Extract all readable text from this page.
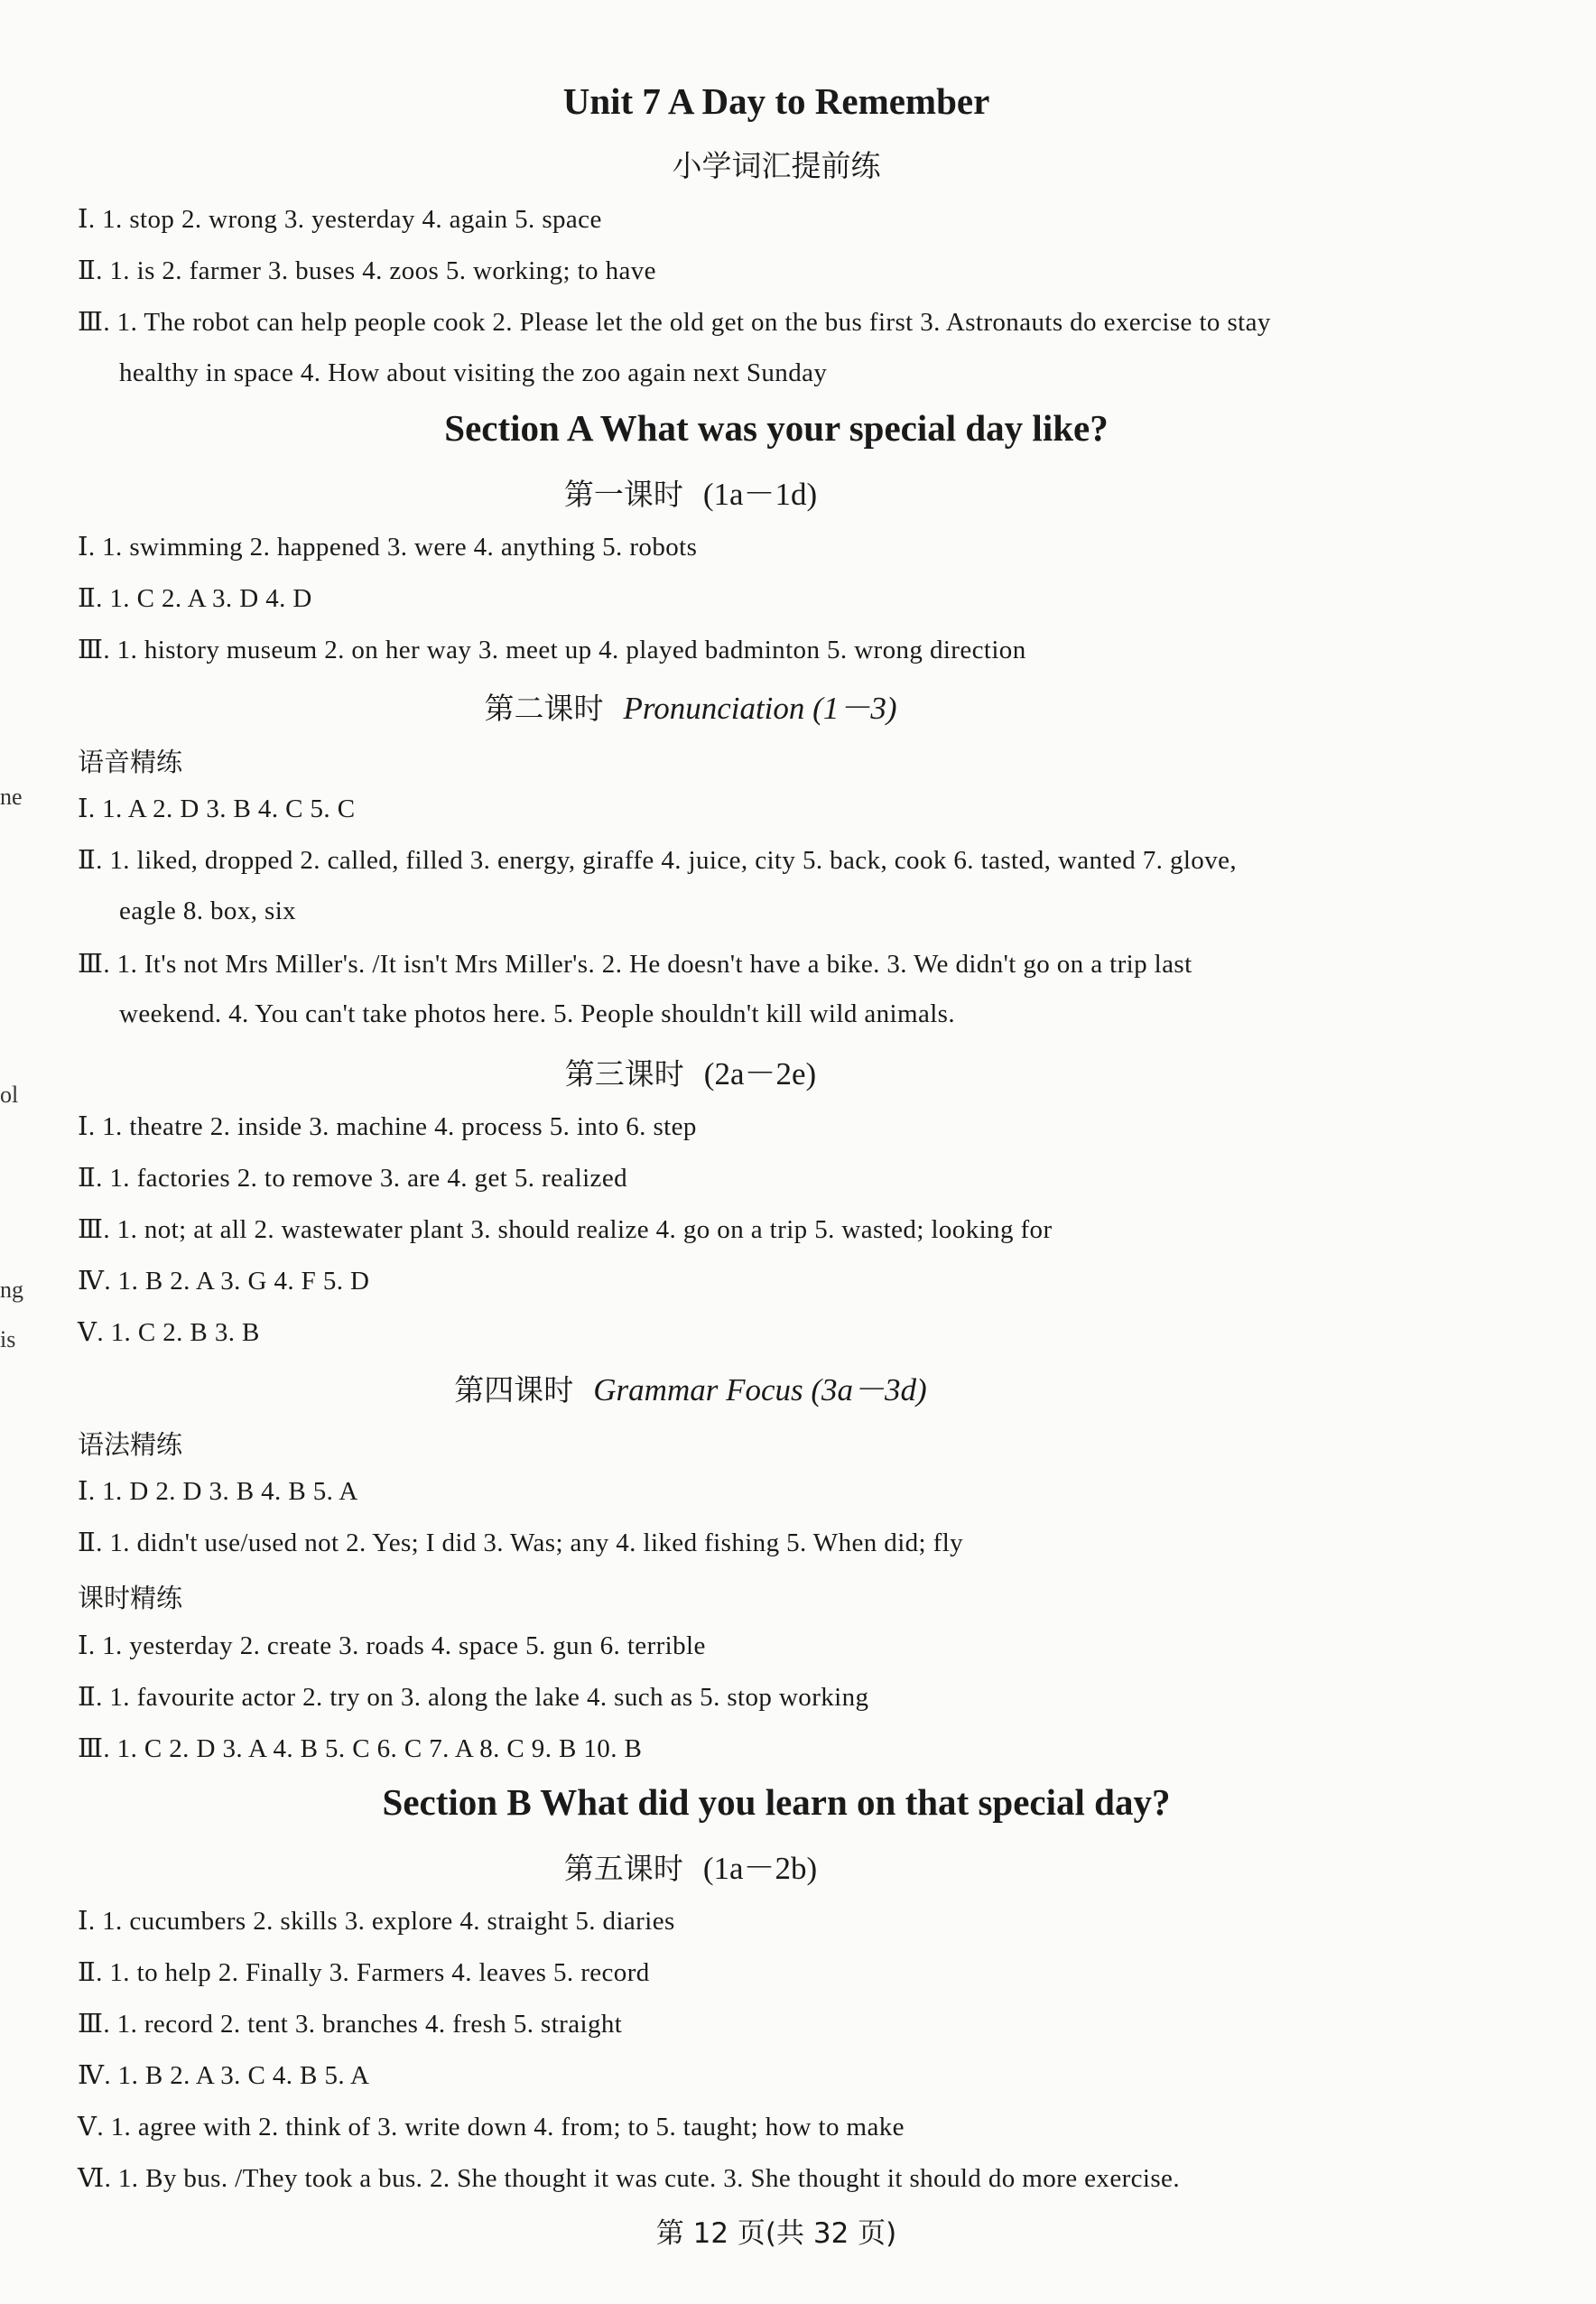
Unit 7 A Day to Remember
小学词汇提前练
Ⅰ. 1. stop 2. wrong 3. yesterday 4. again 5. space
Ⅱ. 1. is 2. farmer 3. buses 4. zoos 5. working; to have
Ⅲ. 1. The robot can help people cook 2. Please let the old get on the bus first 3. Astronauts do exercise to stay
healthy in space 4. How about visiting the zoo again next Sunday
Section A What was your special day like?
第一课时 (1a－1d)
Ⅰ. 1. swimming 2. happened 3. were 4. anything 5. robots
Ⅱ. 1. C 2. A 3. D 4. D
Ⅲ. 1. history museum 2. on her way 3. meet up 4. played badminton 5. wrong direction
第二课时 Pronunciation (1－3)
语音精练
Ⅰ. 1. A 2. D 3. B 4. C 5. C
Ⅱ. 1. liked, dropped 2. called, filled 3. energy, giraffe 4. juice, city 5. back, cook 6. tasted, wanted 7. glove,
eagle 8. box, six
Ⅲ. 1. It's not Mrs Miller's. /It isn't Mrs Miller's. 2. He doesn't have a bike. 3. We didn't go on a trip last
weekend. 4. You can't take photos here. 5. People shouldn't kill wild animals.
第三课时 (2a－2e)
Ⅰ. 1. theatre 2. inside 3. machine 4. process 5. into 6. step
Ⅱ. 1. factories 2. to remove 3. are 4. get 5. realized
Ⅲ. 1. not; at all 2. wastewater plant 3. should realize 4. go on a trip 5. wasted; looking for
Ⅳ. 1. B 2. A 3. G 4. F 5. D
Ⅴ. 1. C 2. B 3. B
第四课时 Grammar Focus (3a－3d)
语法精练
Ⅰ. 1. D 2. D 3. B 4. B 5. A
Ⅱ. 1. didn't use/used not 2. Yes; I did 3. Was; any 4. liked fishing 5. When did; fly
课时精练
Ⅰ. 1. yesterday 2. create 3. roads 4. space 5. gun 6. terrible
Ⅱ. 1. favourite actor 2. try on 3. along the lake 4. such as 5. stop working
Ⅲ. 1. C 2. D 3. A 4. B 5. C 6. C 7. A 8. C 9. B 10. B
Section B What did you learn on that special day?
第五课时 (1a－2b)
Ⅰ. 1. cucumbers 2. skills 3. explore 4. straight 5. diaries
Ⅱ. 1. to help 2. Finally 3. Farmers 4. leaves 5. record
Ⅲ. 1. record 2. tent 3. branches 4. fresh 5. straight
Ⅳ. 1. B 2. A 3. C 4. B 5. A
Ⅴ. 1. agree with 2. think of 3. write down 4. from; to 5. taught; how to make
Ⅵ. 1. By bus. /They took a bus. 2. She thought it was cute. 3. She thought it should do more exercise.
ne
ol
ng
is
第 12 页(共 32 页)
